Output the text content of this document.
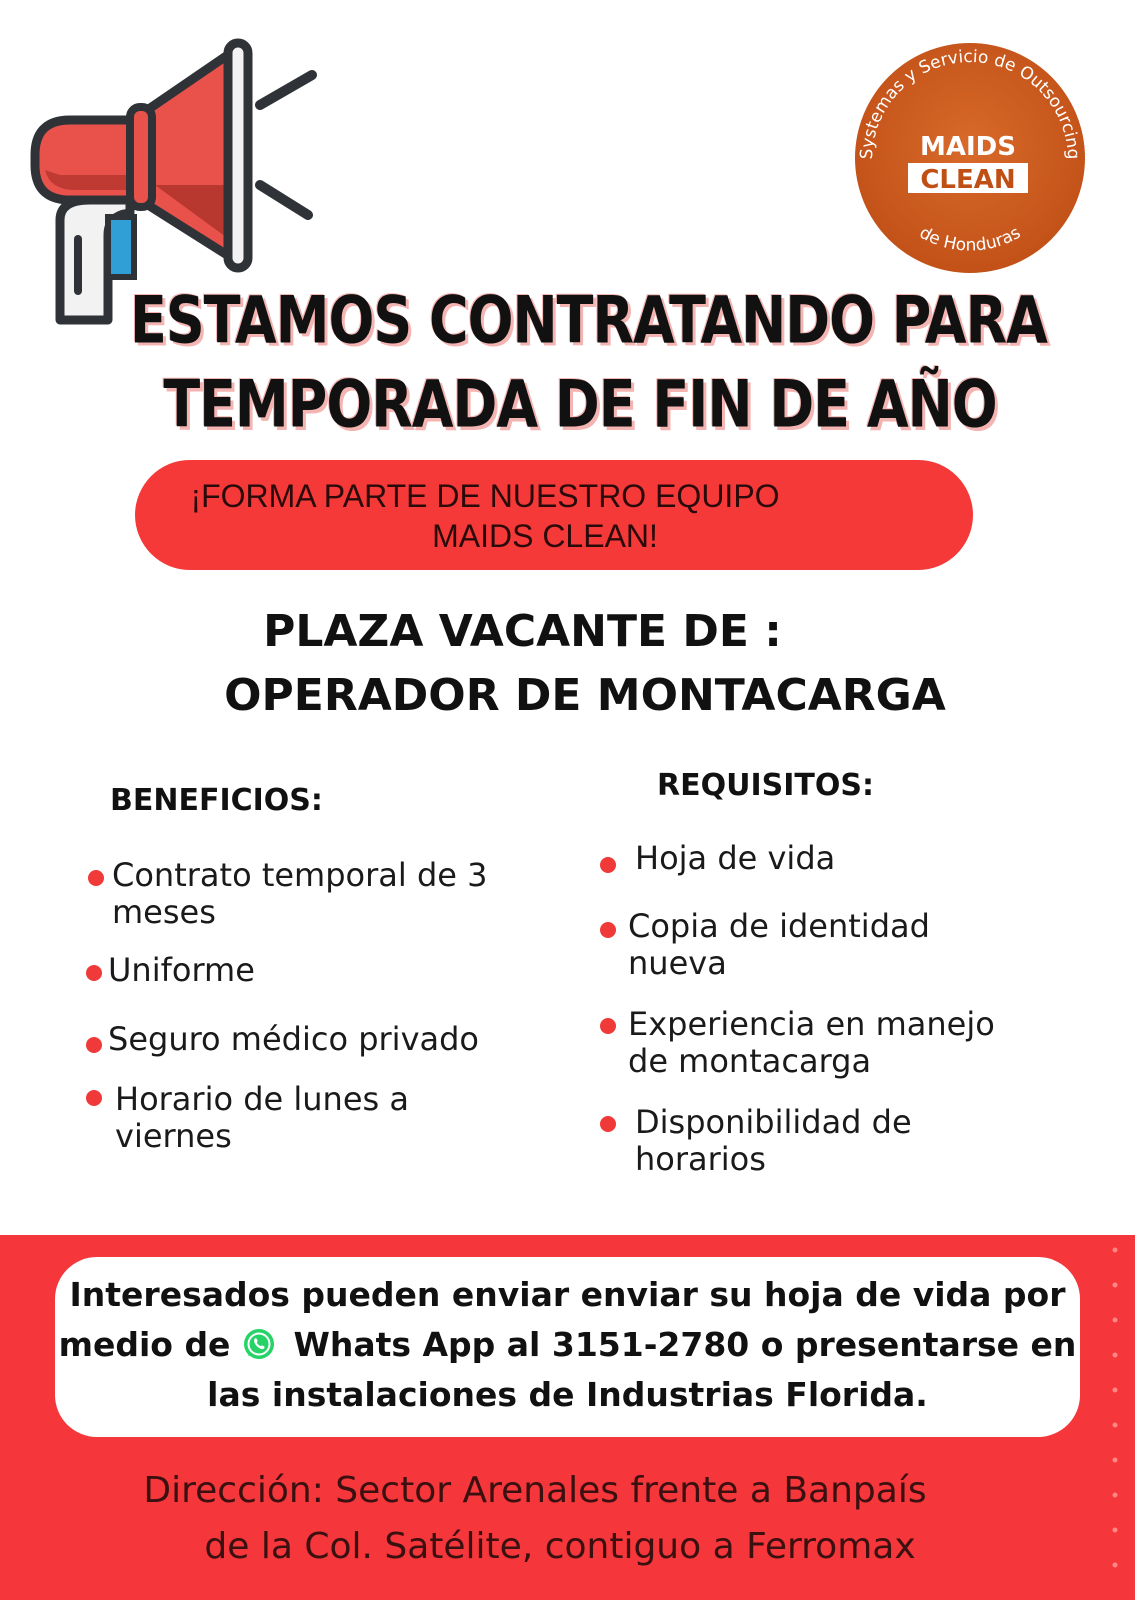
Systemas y Servicio de Outsourcing
de Honduras
MAIDS
CLEAN
ESTAMOS CONTRATANDO PARA
TEMPORADA DE FIN DE AÑO
¡FORMA PARTE DE NUESTRO EQUIPO
MAIDS CLEAN!
PLAZA VACANTE DE :
OPERADOR DE MONTACARGA
BENEFICIOS:	REQUISITOS:
Contrato temporal de 3
meses
Uniforme
Seguro médico privado
Horario de lunes a
viernes
Hoja de vida
Copia de identidad
nueva
Experiencia en manejo
de montacarga
Disponibilidad de
horarios
Interesados pueden enviar enviar su hoja de vida por
medio de Whats App al 3151-2780 o presentarse en
las instalaciones de Industrias Florida.
Dirección: Sector Arenales frente a Banpaís
de la Col. Satélite, contiguo a Ferromax
